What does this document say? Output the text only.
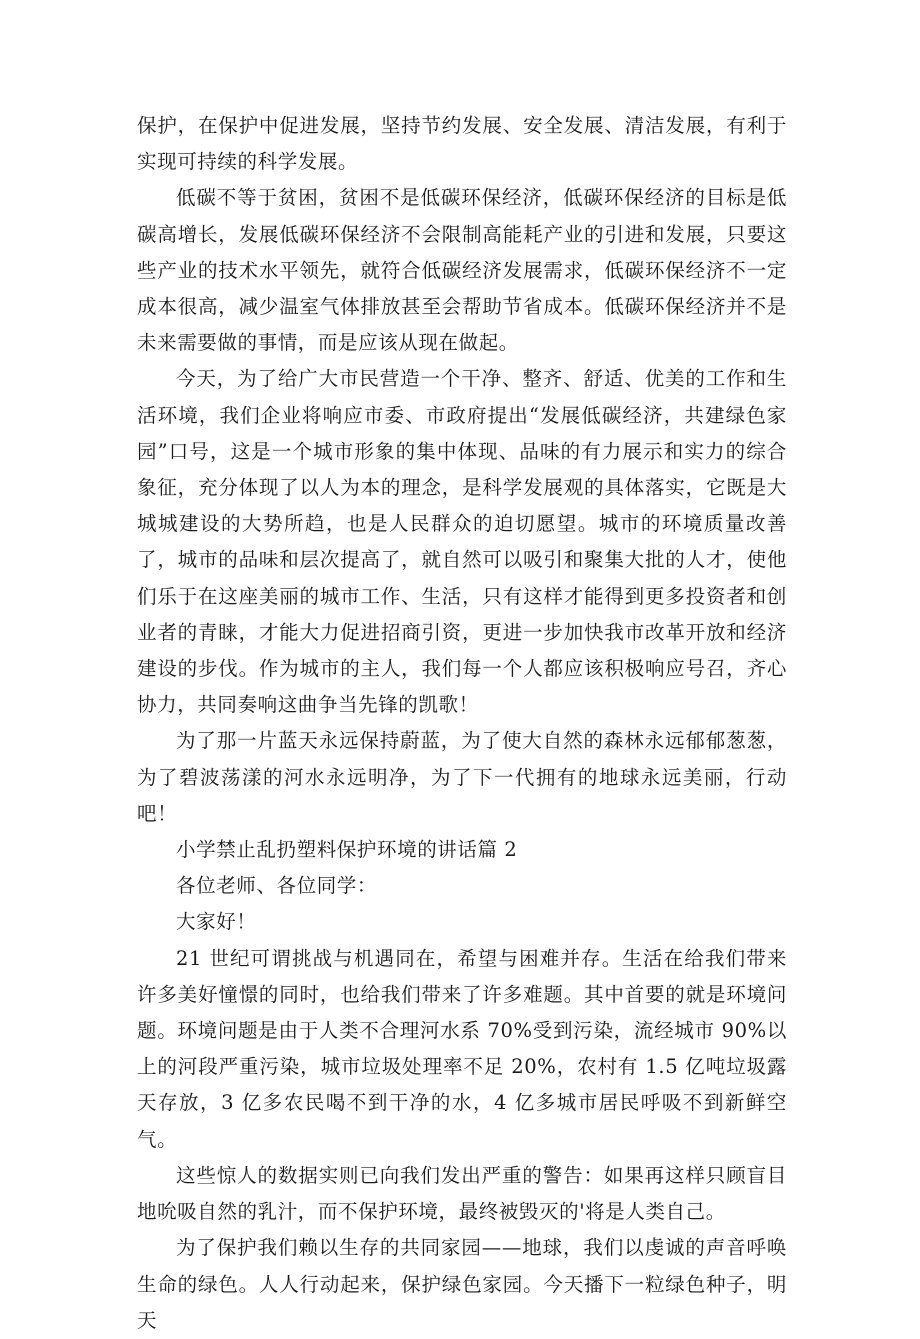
保护，在保护中促进发展，坚持节约发展、安全发展、清洁发展，有利于实现可持续的科学发展。

低碳不等于贫困，贫困不是低碳环保经济，低碳环保经济的目标是低碳高增长，发展低碳环保经济不会限制高能耗产业的引进和发展，只要这些产业的技术水平领先，就符合低碳经济发展需求，低碳环保经济不一定成本很高，减少温室气体排放甚至会帮助节省成本。低碳环保经济并不是未来需要做的事情，而是应该从现在做起。

今天，为了给广大市民营造一个干净、整齐、舒适、优美的工作和生活环境，我们企业将响应市委、市政府提出“发展低碳经济，共建绿色家园”口号，这是一个城市形象的集中体现、品味的有力展示和实力的综合象征，充分体现了以人为本的理念，是科学发展观的具体落实，它既是大城城建设的大势所趋，也是人民群众的迫切愿望。城市的环境质量改善了，城市的品味和层次提高了，就自然可以吸引和聚集大批的人才，使他们乐于在这座美丽的城市工作、生活，只有这样才能得到更多投资者和创业者的青睐，才能大力促进招商引资，更进一步加快我市改革开放和经济建设的步伐。作为城市的主人，我们每一个人都应该积极响应号召，齐心协力，共同奏响这曲争当先锋的凯歌！

为了那一片蓝天永远保持蔚蓝，为了使大自然的森林永远郁郁葱葱，为了碧波荡漾的河水永远明净，为了下一代拥有的地球永远美丽，行动吧！

小学禁止乱扔塑料保护环境的讲话篇 2

各位老师、各位同学：

大家好！

21 世纪可谓挑战与机遇同在，希望与困难并存。生活在给我们带来许多美好憧憬的同时，也给我们带来了许多难题。其中首要的就是环境问题。环境问题是由于人类不合理河水系 70%受到污染，流经城市 90%以上的河段严重污染，城市垃圾处理率不足 20%，农村有 1.5 亿吨垃圾露天存放，3 亿多农民喝不到干净的水，4 亿多城市居民呼吸不到新鲜空气。

这些惊人的数据实则已向我们发出严重的警告：如果再这样只顾盲目地吮吸自然的乳汁，而不保护环境，最终被毁灭的'将是人类自己。

为了保护我们赖以生存的共同家园——地球，我们以虔诚的声音呼唤生命的绿色。人人行动起来，保护绿色家园。今天播下一粒绿色种子，明天
